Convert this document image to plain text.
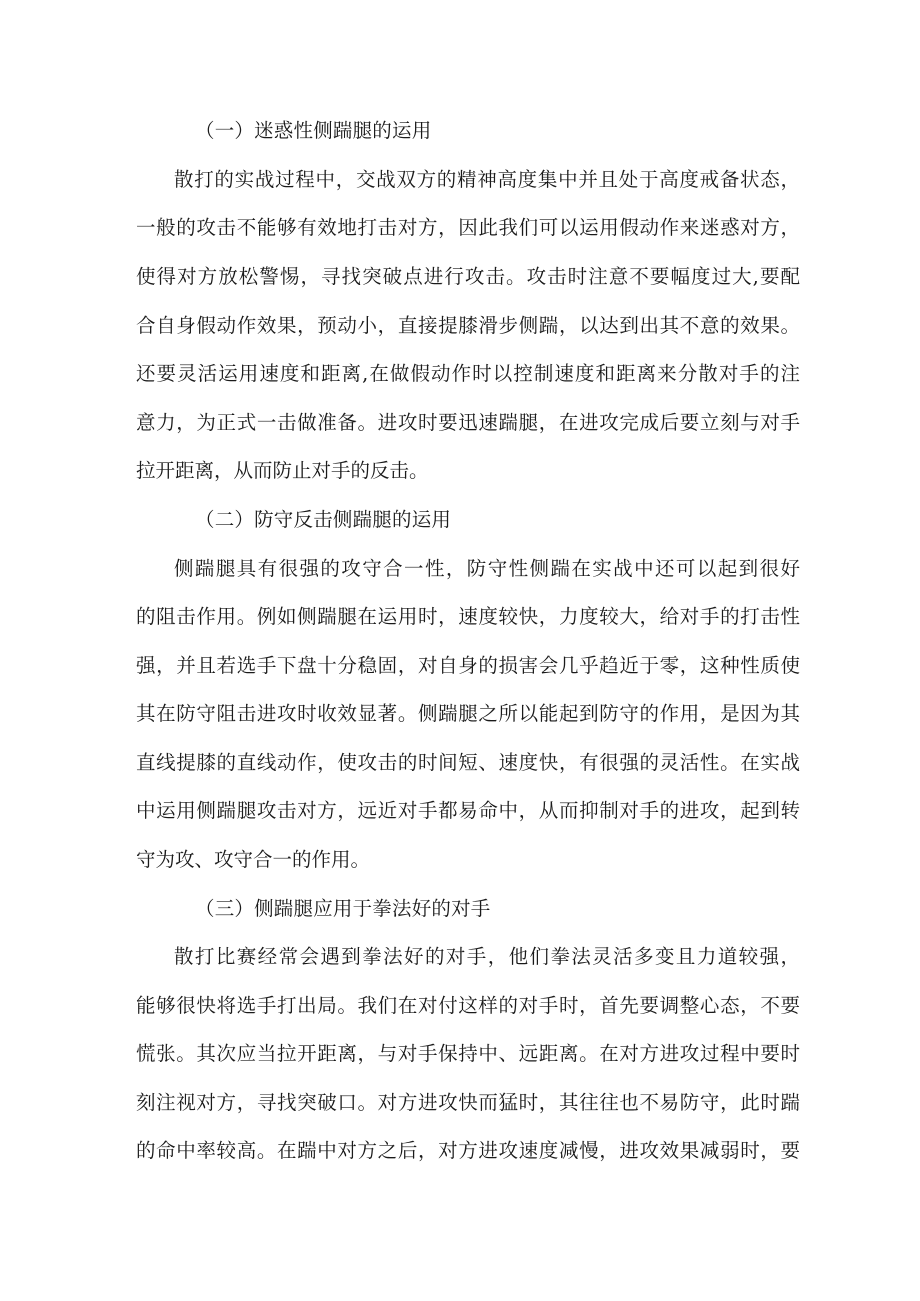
（一）迷惑性侧踹腿的运用
散打的实战过程中，交战双方的精神高度集中并且处于高度戒备状态，
一般的攻击不能够有效地打击对方，因此我们可以运用假动作来迷惑对方，
使得对方放松警惕，寻找突破点进行攻击。攻击时注意不要幅度过大,要配
合自身假动作效果，预动小，直接提膝滑步侧踹，以达到出其不意的效果。
还要灵活运用速度和距离,在做假动作时以控制速度和距离来分散对手的注
意力，为正式一击做准备。进攻时要迅速踹腿，在进攻完成后要立刻与对手
拉开距离，从而防止对手的反击。
（二）防守反击侧踹腿的运用
侧踹腿具有很强的攻守合一性，防守性侧踹在实战中还可以起到很好
的阻击作用。例如侧踹腿在运用时，速度较快，力度较大，给对手的打击性
强，并且若选手下盘十分稳固，对自身的损害会几乎趋近于零，这种性质使
其在防守阻击进攻时收效显著。侧踹腿之所以能起到防守的作用，是因为其
直线提膝的直线动作，使攻击的时间短、速度快，有很强的灵活性。在实战
中运用侧踹腿攻击对方，远近对手都易命中，从而抑制对手的进攻，起到转
守为攻、攻守合一的作用。
（三）侧踹腿应用于拳法好的对手
散打比赛经常会遇到拳法好的对手，他们拳法灵活多变且力道较强，
能够很快将选手打出局。我们在对付这样的对手时，首先要调整心态，不要
慌张。其次应当拉开距离，与对手保持中、远距离。在对方进攻过程中要时
刻注视对方，寻找突破口。对方进攻快而猛时，其往往也不易防守，此时踹
的命中率较高。在踹中对方之后，对方进攻速度减慢，进攻效果减弱时，要
